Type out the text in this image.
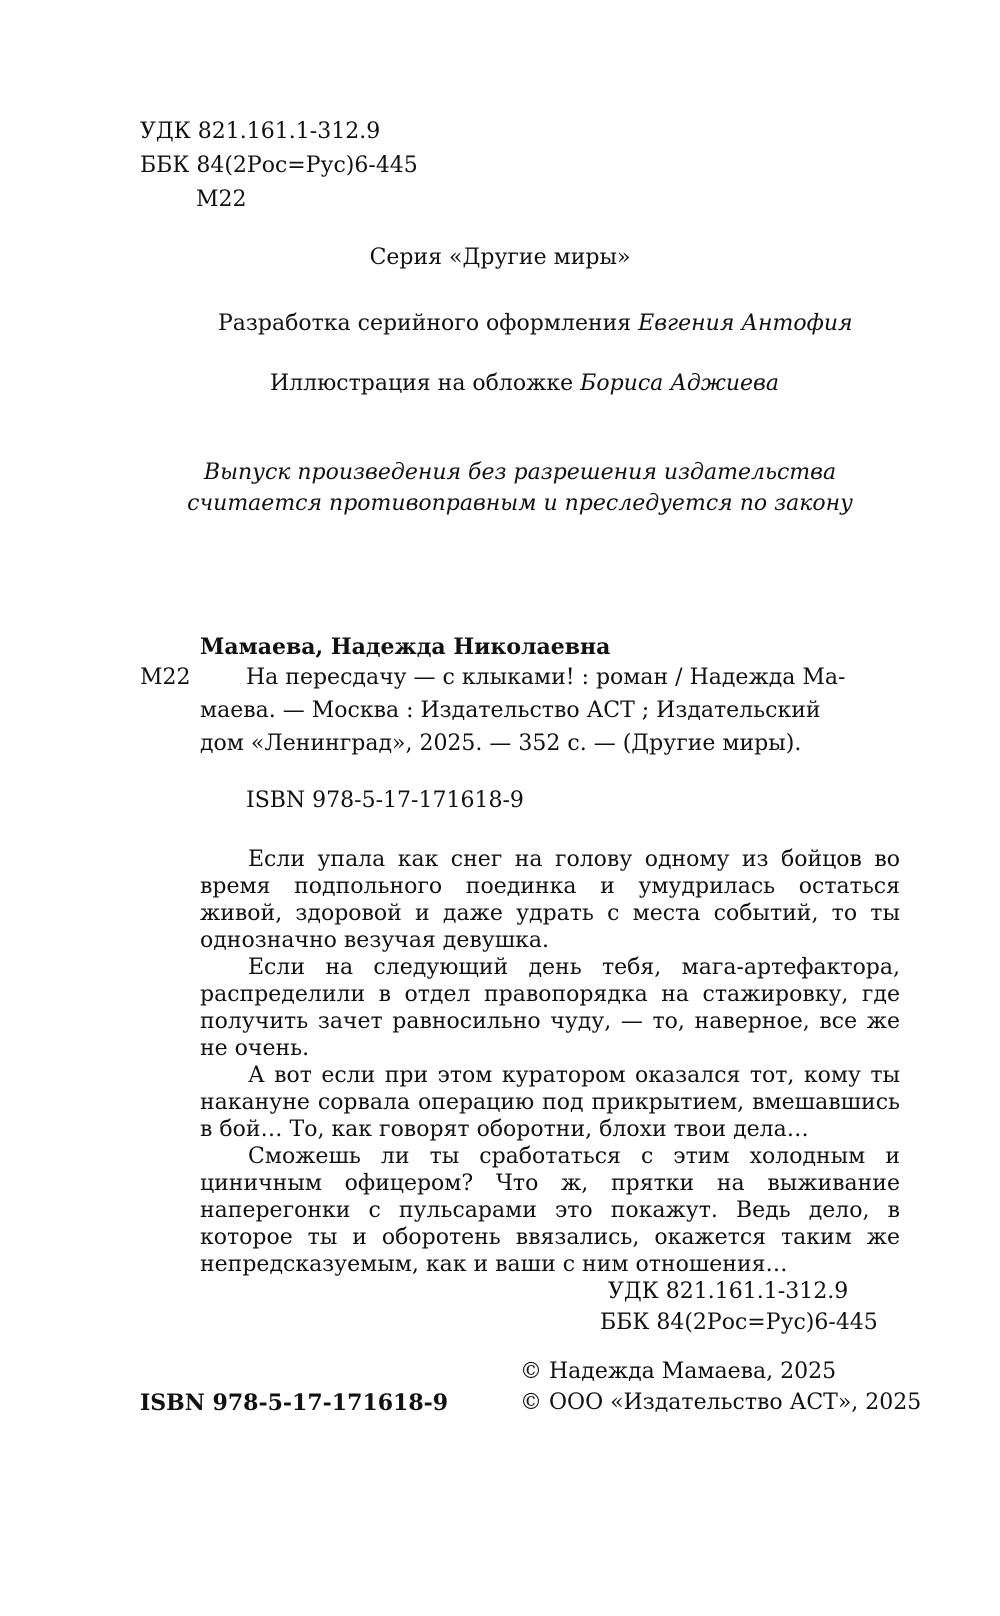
УДК 821.161.1-312.9
ББК 84(2Рос=Рус)6-445
М22
Серия «Другие миры»
Разработка серийного оформления Евгения Антофия
Иллюстрация на обложке Бориса Аджиева
Выпуск произведения без разрешения издательства
считается противоправным и преследуется по закону
Мамаева, Надежда Николаевна
М22	На пересдачу — с клыками! : роман / Надежда Ма-
маева. — Москва : Издательство АСТ ; Издательский
дом «Ленинград», 2025. — 352 с. — (Другие миры).
ISBN 978-5-17-171618-9

Если упала как снег на голову одному из бойцов во время подпольного поединка и умудрилась остаться живой, здоровой и даже удрать с места событий, то ты однозначно везучая девушка.

Если на следующий день тебя, мага-артефактора, распределили в отдел правопорядка на стажировку, где получить зачет равносильно чуду, — то, наверное, все же не очень.

А вот если при этом куратором оказался тот, кому ты накануне сорвала операцию под прикрытием, вмешавшись в бой… То, как говорят оборотни, блохи твои дела…

Сможешь ли ты сработаться с этим холодным и циничным офицером? Что ж, прятки на выживание наперегонки с пульсарами это покажут. Ведь дело, в которое ты и оборотень ввязались, окажется таким же непредсказуемым, как и ваши с ним отношения…

УДК 821.161.1-312.9
ББК 84(2Рос=Рус)6-445
© Надежда Мамаева, 2025
ISBN 978-5-17-171618-9	© ООО «Издательство АСТ», 2025
